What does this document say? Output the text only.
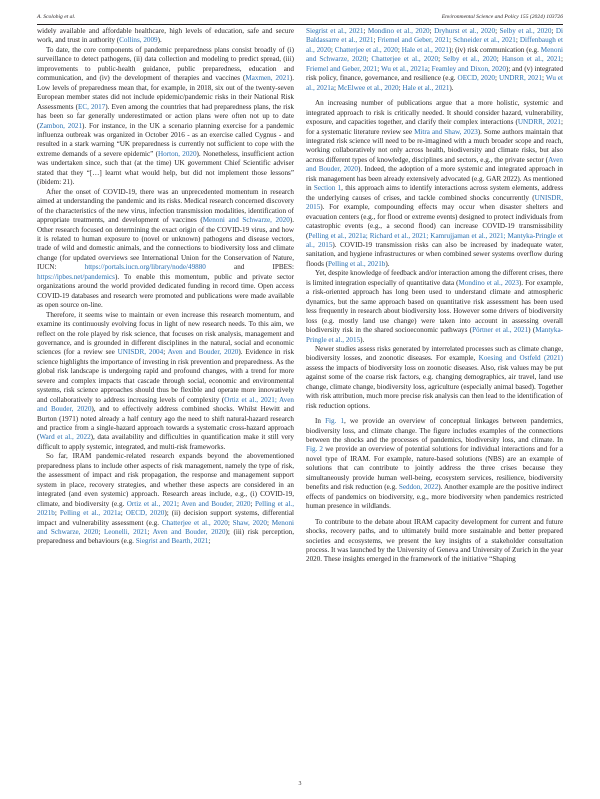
A. Scolobig et al.	Environmental Science and Policy 155 (2024) 103726

widely available and affordable healthcare, high levels of education, safe and secure work, and trust in authority (Collins, 2009).

To date, the core components of pandemic preparedness plans consist broadly of (i) surveillance to detect pathogens, (ii) data collection and modeling to predict spread, (iii) improvements to public-health guidance, public preparedness, education and communication, and (iv) the development of therapies and vaccines (Maxmen, 2021). Low levels of preparedness mean that, for example, in 2018, six out of the twenty-seven European member states did not include epidemic/pandemic risks in their National Risk Assessments (EC, 2017). Even among the countries that had preparedness plans, the risk has been so far generally underestimated or action plans were often not up to date (Zambon, 2021). For instance, in the UK a scenario planning exercise for a pandemic influenza outbreak was organized in October 2016 - as an exercise called Cygnus - and resulted in a stark warning “UK preparedness is currently not sufficient to cope with the extreme demands of a severe epidemic” (Horton, 2020). Nonetheless, insufficient action was undertaken since, such that (at the time) UK government Chief Scientific adviser stated that they “[…] learnt what would help, but did not implement those lessons” (ibidem: 21).

After the onset of COVID-19, there was an unprecedented momentum in research aimed at understanding the pandemic and its risks. Medical research concerned discovery of the characteristics of the new virus, infection transmission modalities, identification of appropriate treatments, and development of vaccines (Menoni and Schwarze, 2020). Other research focused on determining the exact origin of the COVID-19 virus, and how it is related to human exposure to (novel or unknown) pathogens and disease vectors, trade of wild and domestic animals, and the connections to biodiversity loss and climate change (for updated overviews see International Union for the Conservation of Nature, IUCN: https://portals.iucn.org/library/node/49880 and IPBES: https://ipbes.net/pandemics). To enable this momentum, public and private sector organizations around the world provided dedicated funding in record time. Open access COVID-19 databases and research were promoted and publications were made available as open source on-line.

Therefore, it seems wise to maintain or even increase this research momentum, and examine its continuously evolving focus in light of new research needs. To this aim, we reflect on the role played by risk science, that focuses on risk analysis, management and governance, and is grounded in different disciplines in the natural, social and economic sciences (for a review see UNISDR, 2004; Aven and Bouder, 2020). Evidence in risk science highlights the importance of investing in risk prevention and preparedness. As the global risk landscape is undergoing rapid and profound changes, with a trend for more severe and complex impacts that cascade through social, economic and environmental systems, risk science approaches should thus be flexible and operate more innovatively and collaboratively to address increasing levels of complexity (Ortiz et al., 2021; Aven and Bouder, 2020), and to effectively address combined shocks. Whilst Hewitt and Burton (1971) noted already a half century ago the need to shift natural-hazard research and practice from a single-hazard approach towards a systematic cross-hazard approach (Ward et al., 2022), data availability and difficulties in quantification make it still very difficult to apply systemic, integrated, and multi-risk frameworks.

So far, IRAM pandemic-related research expands beyond the abovementioned preparedness plans to include other aspects of risk management, namely the type of risk, the assessment of impact and risk propagation, the response and management support system in place, recovery strategies, and whether these aspects are considered in an integrated (and even systemic) approach. Research areas include, e.g., (i) COVID-19, climate, and biodiversity (e.g. Ortiz et al., 2021; Aven and Bouder, 2020; Pelling et al., 2021b; Pelling et al., 2021a; OECD, 2020); (ii) decision support systems, differential impact and vulnerability assessment (e.g. Chatterjee et al., 2020; Shaw, 2020; Menoni and Schwarze, 2020; Leonelli, 2021; Aven and Bouder, 2020); (iii) risk perception, preparedness and behaviours (e.g. Siegrist and Bearth, 2021;

Siegrist et al., 2021; Mondino et al., 2020; Dryhurst et al., 2020; Selby et al., 2020; Di Baldassarre et al., 2021; Friemel and Geber, 2021; Schneider et al., 2021; Diffenbaugh et al., 2020; Chatterjee et al., 2020; Hale et al., 2021); (iv) risk communication (e.g. Menoni and Schwarze, 2020; Chatterjee et al., 2020; Selby et al., 2020; Hanson et al., 2021; Friemel and Geber, 2021; Wu et al., 2021a; Feamley and Dixon, 2020); and (v) integrated risk policy, finance, governance, and resilience (e.g. OECD, 2020; UNDRR, 2021; Wu et al., 2021a; McElwee et al., 2020; Hale et al., 2021).

An increasing number of publications argue that a more holistic, systemic and integrated approach to risk is critically needed. It should consider hazard, vulnerability, exposure, and capacities together, and clarify their complex interactions (UNDRR, 2021; for a systematic literature review see Mitra and Shaw, 2023). Some authors maintain that integrated risk science will need to be re-imagined with a much broader scope and reach, working collaboratively not only across health, biodiversity and climate risks, but also across different types of knowledge, disciplines and sectors, e.g., the private sector (Aven and Bouder, 2020). Indeed, the adoption of a more systemic and integrated approach in risk management has been already extensively advocated (e.g. GAR 2022). As mentioned in Section 1, this approach aims to identify interactions across system elements, address the underlying causes of crises, and tackle combined shocks concurrently (UNISDR, 2015). For example, compounding effects may occur when disaster shelters and evacuation centers (e.g., for flood or extreme events) designed to protect individuals from catastrophic events (e.g., a second flood) can increase COVID-19 transmissibility (Pelling et al., 2021a; Richard et al., 2021; Kamrujjaman et al., 2021; Mantyka-Pringle et al., 2015). COVID-19 transmission risks can also be increased by inadequate water, sanitation, and hygiene infrastructures or when combined sewer systems overflow during floods (Pelling et al., 2021b).

Yet, despite knowledge of feedback and/or interaction among the different crises, there is limited integration especially of quantitative data (Mondino et al., 2023). For example, a risk-oriented approach has long been used to understand climate and atmospheric dynamics, but the same approach based on quantitative risk assessment has been used less frequently in research about biodiversity loss. However some drivers of biodiversity loss (e.g. mostly land use change) were taken into account in assessing overall biodiversity risk in the shared socioeconomic pathways (Pörtner et al., 2021) (Mantyka-Pringle et al., 2015).

Newer studies assess risks generated by interrelated processes such as climate change, biodiversity losses, and zoonotic diseases. For example, Koesing and Ostfeld (2021) assess the impacts of biodiversity loss on zoonotic diseases. Also, risk values may be put against some of the coarse risk factors, e.g. changing demographics, air travel, land use change, climate change, biodiversity loss, agriculture (especially animal based). Together with risk attribution, much more precise risk analysis can then lead to the identification of risk reduction options.

In Fig. 1, we provide an overview of conceptual linkages between pandemics, biodiversity loss, and climate change. The figure includes examples of the connections between the shocks and the processes of pandemics, biodiversity loss, and climate. In Fig. 2 we provide an overview of potential solutions for individual interactions and for a novel type of IRAM. For example, nature-based solutions (NBS) are an example of solutions that can contribute to jointly address the three crises because they simultaneously provide human well-being, ecosystem services, resilience, biodiversity benefits and risk reduction (e.g. Seddon, 2022). Another example are the positive indirect effects of pandemics on biodiversity, e.g., more biodiversity when pandemics restricted human presence in wildlands.

To contribute to the debate about IRAM capacity development for current and future shocks, recovery paths, and to ultimately build more sustainable and better prepared societies and ecosystems, we present the key insights of a stakeholder consultation process. It was launched by the University of Geneva and University of Zurich in the year 2020. These insights emerged in the framework of the initiative “Shaping

3
